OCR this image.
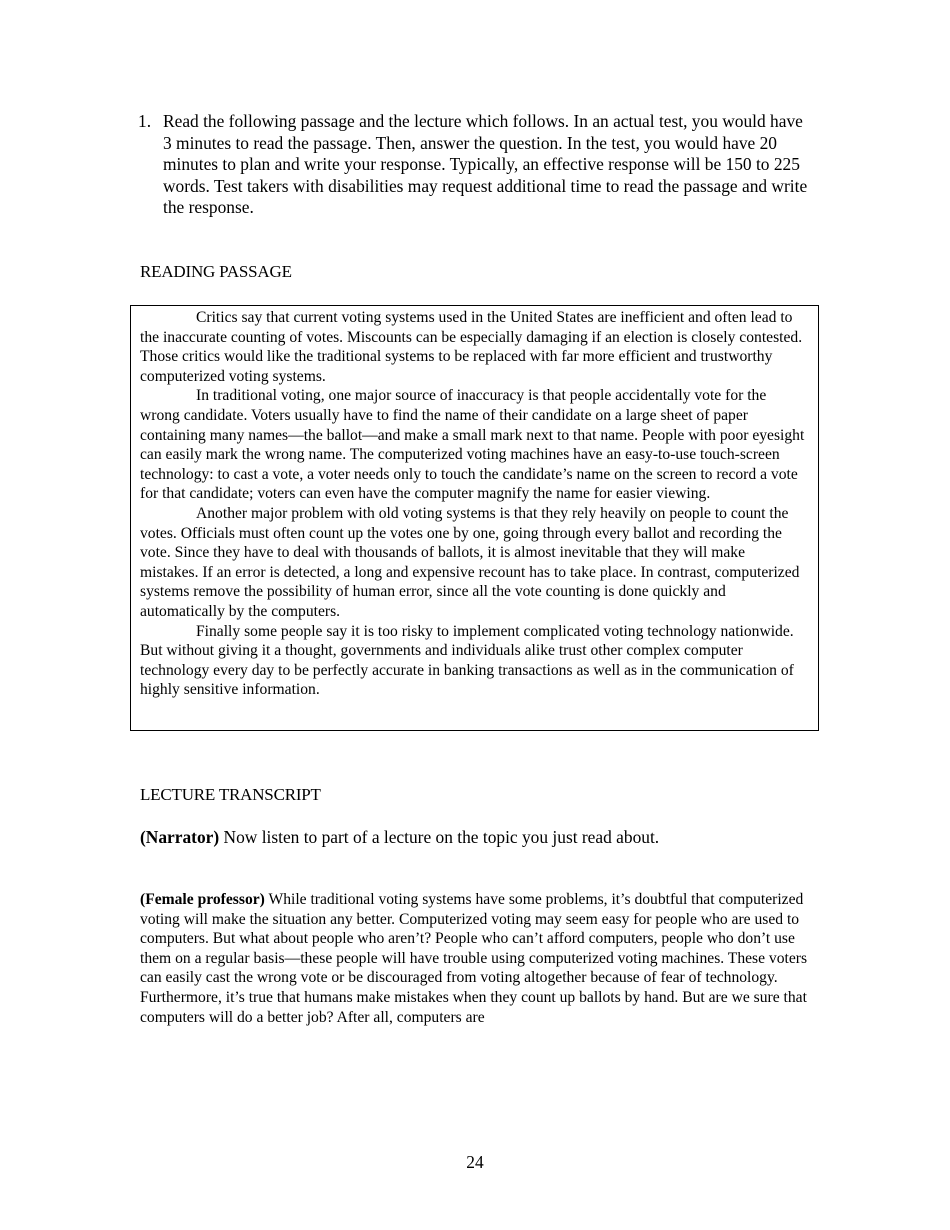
1. Read the following passage and the lecture which follows. In an actual test, you would have 3 minutes to read the passage. Then, answer the question. In the test, you would have 20 minutes to plan and write your response. Typically, an effective response will be 150 to 225 words. Test takers with disabilities may request additional time to read the passage and write the response.
READING PASSAGE

Critics say that current voting systems used in the United States are inefficient and often lead to the inaccurate counting of votes. Miscounts can be especially damaging if an election is closely contested. Those critics would like the traditional systems to be replaced with far more efficient and trustworthy computerized voting systems.

In traditional voting, one major source of inaccuracy is that people accidentally vote for the wrong candidate. Voters usually have to find the name of their candidate on a large sheet of paper containing many names—the ballot—and make a small mark next to that name. People with poor eyesight can easily mark the wrong name. The computerized voting machines have an easy-to-use touch-screen technology: to cast a vote, a voter needs only to touch the candidate’s name on the screen to record a vote for that candidate; voters can even have the computer magnify the name for easier viewing.

Another major problem with old voting systems is that they rely heavily on people to count the votes. Officials must often count up the votes one by one, going through every ballot and recording the vote. Since they have to deal with thousands of ballots, it is almost inevitable that they will make mistakes. If an error is detected, a long and expensive recount has to take place. In contrast, computerized systems remove the possibility of human error, since all the vote counting is done quickly and automatically by the computers.

Finally some people say it is too risky to implement complicated voting technology nationwide. But without giving it a thought, governments and individuals alike trust other complex computer technology every day to be perfectly accurate in banking transactions as well as in the communication of highly sensitive information.

LECTURE TRANSCRIPT
(Narrator) Now listen to part of a lecture on the topic you just read about.
(Female professor) While traditional voting systems have some problems, it’s doubtful that computerized voting will make the situation any better. Computerized voting may seem easy for people who are used to computers. But what about people who aren’t? People who can’t afford computers, people who don’t use them on a regular basis—these people will have trouble using computerized voting machines. These voters can easily cast the wrong vote or be discouraged from voting altogether because of fear of technology. Furthermore, it’s true that humans make mistakes when they count up ballots by hand. But are we sure that computers will do a better job? After all, computers are
24
